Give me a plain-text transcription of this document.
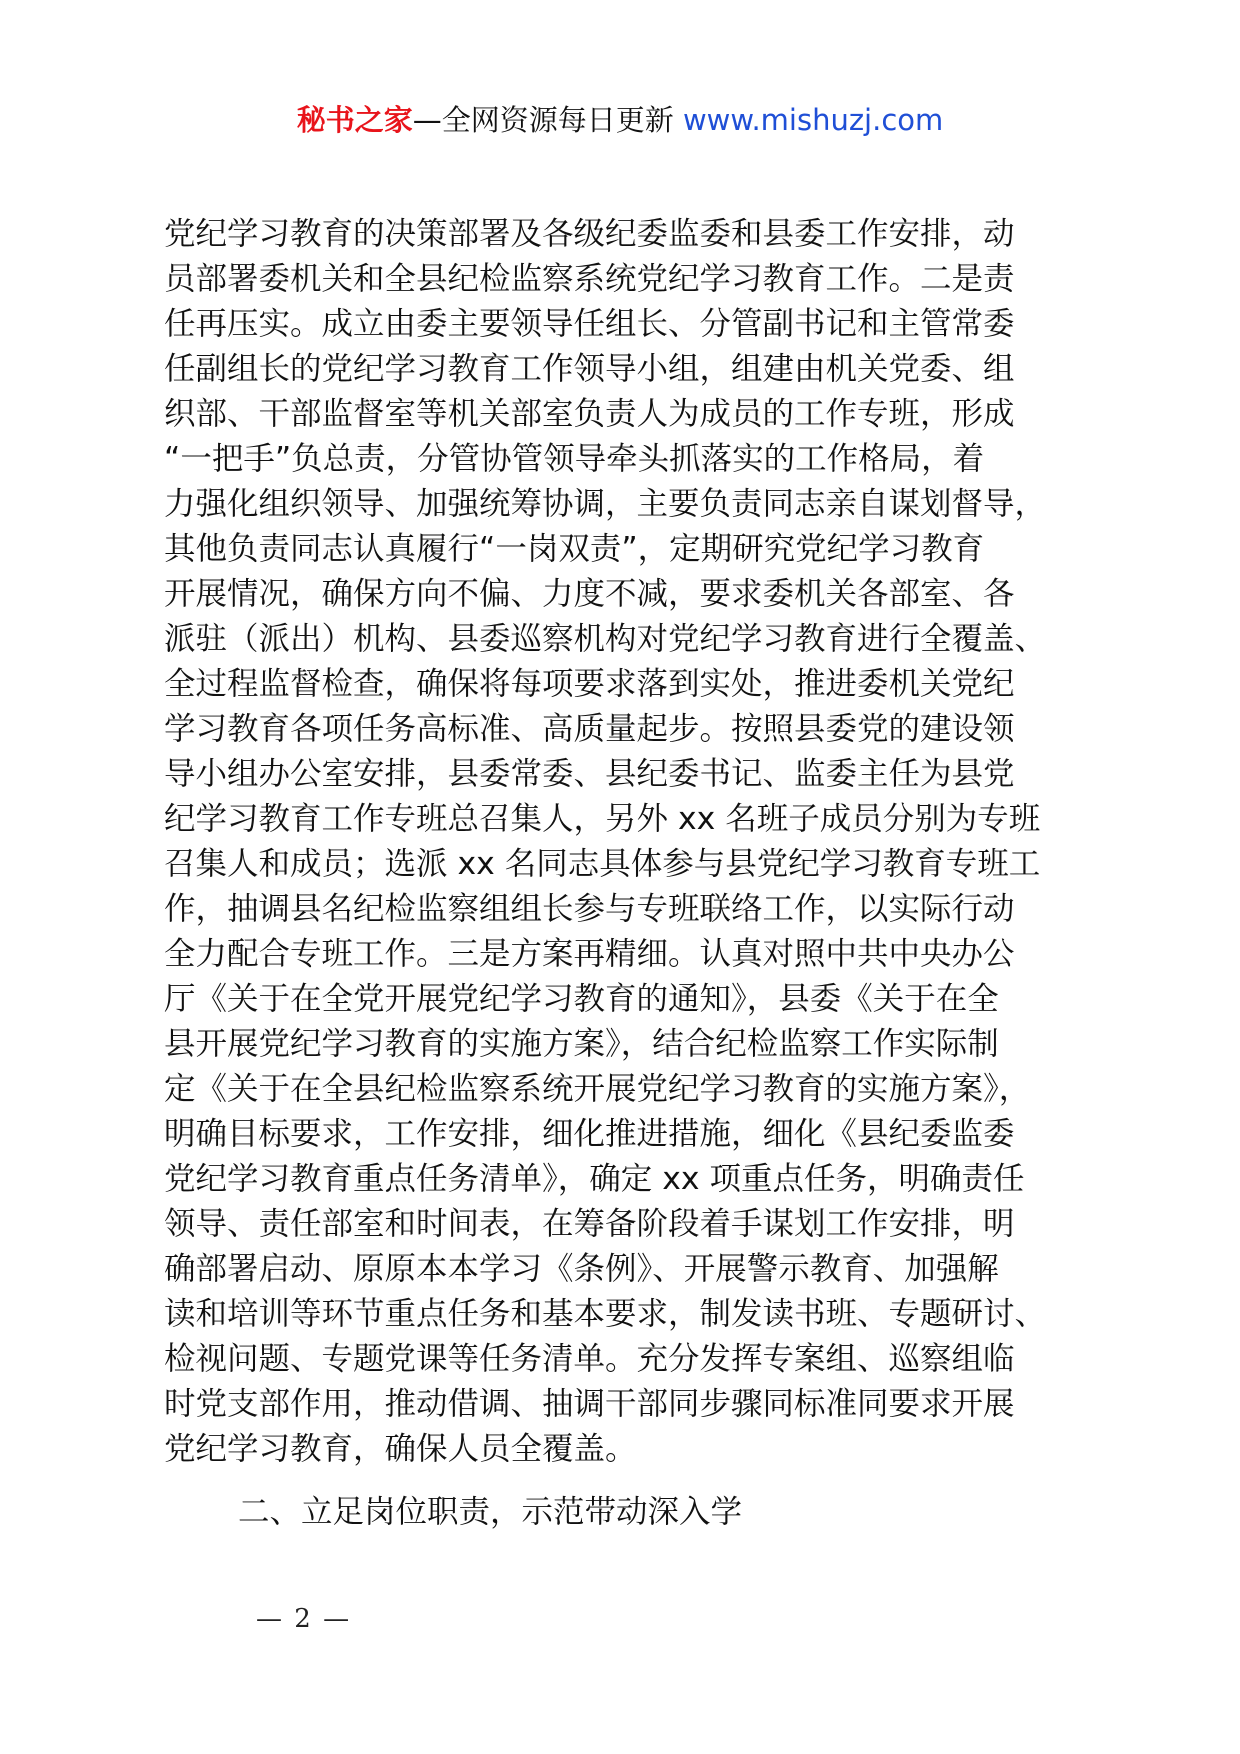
秘书之家—全网资源每日更新 www.mishuzj.com
党纪学习教育的决策部署及各级纪委监委和县委工作安排，动
员部署委机关和全县纪检监察系统党纪学习教育工作。二是责
任再压实。成立由委主要领导任组长、分管副书记和主管常委
任副组长的党纪学习教育工作领导小组，组建由机关党委、组
织部、干部监督室等机关部室负责人为成员的工作专班，形成
“一把手”负总责，分管协管领导牵头抓落实的工作格局，着
力强化组织领导、加强统筹协调，主要负责同志亲自谋划督导，
其他负责同志认真履行“一岗双责”，定期研究党纪学习教育
开展情况，确保方向不偏、力度不减，要求委机关各部室、各
派驻（派出）机构、县委巡察机构对党纪学习教育进行全覆盖、
全过程监督检查，确保将每项要求落到实处，推进委机关党纪
学习教育各项任务高标准、高质量起步。按照县委党的建设领
导小组办公室安排，县委常委、县纪委书记、监委主任为县党
纪学习教育工作专班总召集人，另外 xx 名班子成员分别为专班
召集人和成员；选派 xx 名同志具体参与县党纪学习教育专班工
作，抽调县名纪检监察组组长参与专班联络工作，以实际行动
全力配合专班工作。三是方案再精细。认真对照中共中央办公
厅《关于在全党开展党纪学习教育的通知》，县委《关于在全
县开展党纪学习教育的实施方案》，结合纪检监察工作实际制
定《关于在全县纪检监察系统开展党纪学习教育的实施方案》，
明确目标要求，工作安排，细化推进措施，细化《县纪委监委
党纪学习教育重点任务清单》，确定 xx 项重点任务，明确责任
领导、责任部室和时间表，在筹备阶段着手谋划工作安排，明
确部署启动、原原本本学习《条例》、开展警示教育、加强解
读和培训等环节重点任务和基本要求，制发读书班、专题研讨、
检视问题、专题党课等任务清单。充分发挥专案组、巡察组临
时党支部作用，推动借调、抽调干部同步骤同标准同要求开展
党纪学习教育，确保人员全覆盖。
二、立足岗位职责，示范带动深入学
— 2 —
